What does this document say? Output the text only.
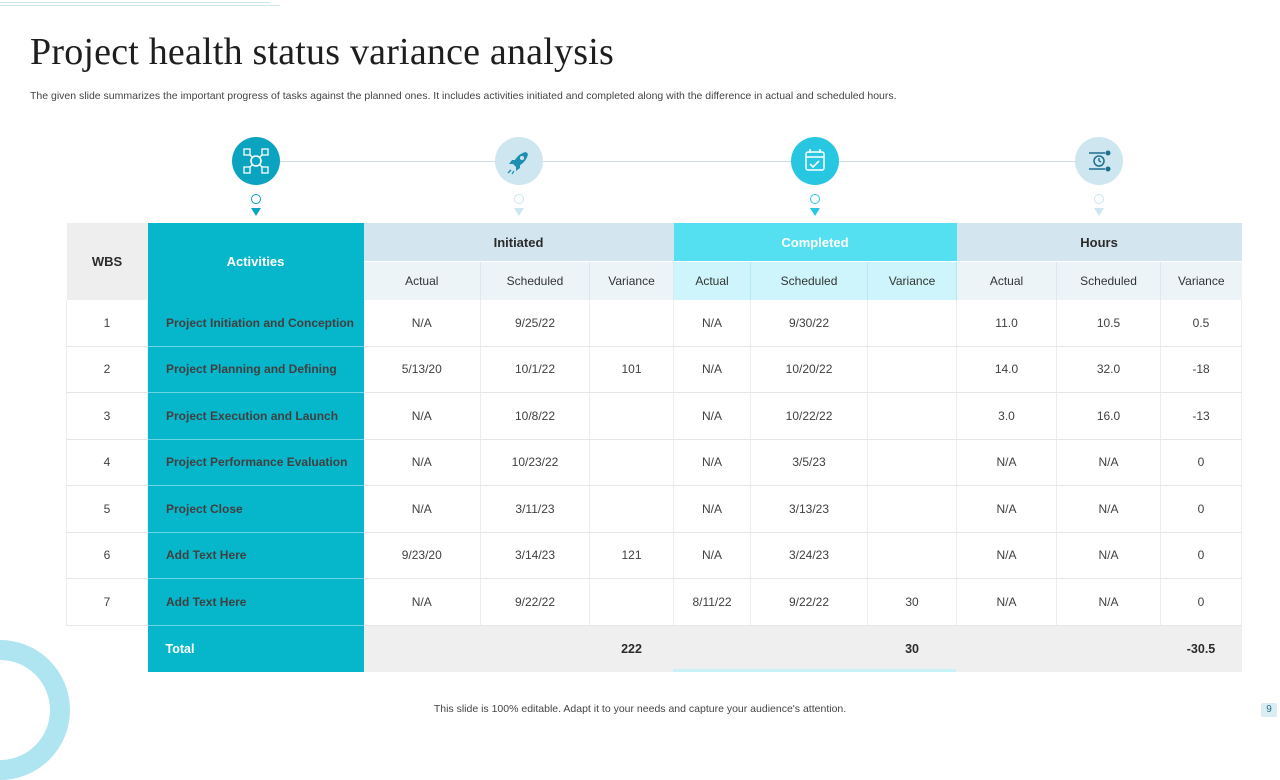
Project health status variance analysis
The given slide summarizes the important progress of tasks against the planned ones. It includes activities initiated and completed along with the difference in actual and scheduled hours.
WBS	Activities	Initiated			Completed			Hours		
		Actual	Scheduled	Variance	Actual	Scheduled	Variance	Actual	Scheduled	Variance
1	Project Initiation and Conception	N/A	9/25/22		N/A	9/30/22		11.0	10.5	0.5
2	Project Planning and Defining	5/13/20	10/1/22	101	N/A	10/20/22		14.0	32.0	-18
3	Project Execution and Launch	N/A	10/8/22		N/A	10/22/22		3.0	16.0	-13
4	Project Performance Evaluation	N/A	10/23/22		N/A	3/5/23		N/A	N/A	0
5	Project Close	N/A	3/11/23		N/A	3/13/23		N/A	N/A	0
6	Add Text Here	9/23/20	3/14/23	121	N/A	3/24/23		N/A	N/A	0
7	Add Text Here	N/A	9/22/22		8/11/22	9/22/22	30	N/A	N/A	0
	Total			222			30			-30.5
This slide is 100% editable. Adapt it to your needs and capture your audience's attention.	9
